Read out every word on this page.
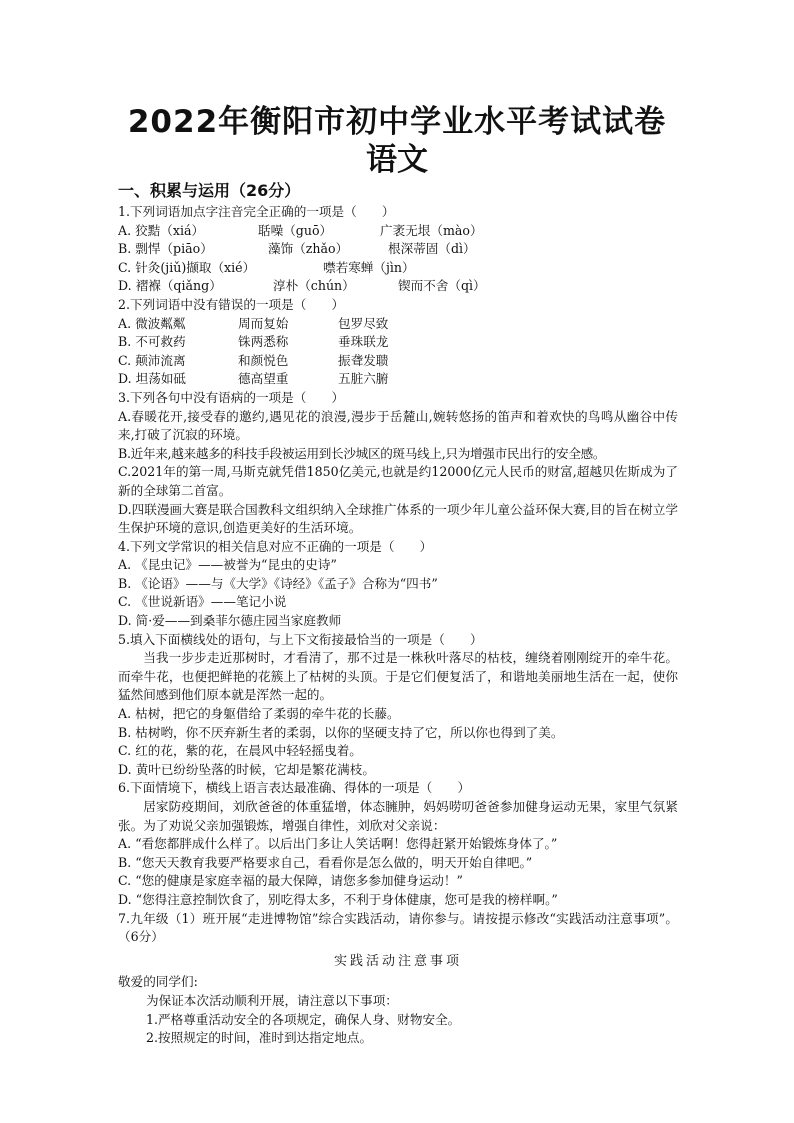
2022年衡阳市初中学业水平考试试卷
语文
一、积累与运用（26分）
1.下列词语加点字注音完全正确的一项是（　　）
A. 狡黠（xiá）	聒噪（guō）	广袤无垠（mào）
B. 剽悍（piāo）	藻饰（zhǎo）	根深蒂固（dì）
C. 针灸(jiǔ)撷取（xié）	噤若寒蝉（jìn）
D. 褶褓（qiǎng）	淳朴（chún）	锲而不舍（qì）
2.下列词语中没有错误的一项是（　　）
A. 微波粼粼	周而复始	包罗尽致
B. 不可救药	铢两悉称	垂珠联龙
C. 颠沛流离	和颜悦色	振聋发聩
D. 坦荡如砥	德高望重	五脏六腑
3.下列各句中没有语病的一项是（　　）
A.春暖花开,接受春的邀约,遇见花的浪漫,漫步于岳麓山,婉转悠扬的笛声和着欢快的鸟鸣从幽谷中传来,打破了沉寂的环境。
B.近年来,越来越多的科技手段被运用到长沙城区的斑马线上,只为增强市民出行的安全感。
C.2021年的第一周,马斯克就凭借1850亿美元,也就是约12000亿元人民币的财富,超越贝佐斯成为了新的全球第二首富。
D.四联漫画大赛是联合国教科文组织纳入全球推广体系的一项少年儿童公益环保大赛,目的旨在树立学生保护环境的意识,创造更美好的生活环境。
4.下列文学常识的相关信息对应不正确的一项是（　　）
A. 《昆虫记》——被誉为“昆虫的史诗”
B. 《论语》——与《大学》《诗经》《孟子》合称为“四书”
C. 《世说新语》——笔记小说
D. 简·爱——到桑菲尔德庄园当家庭教师
5.填入下面横线处的语句，与上下文衔接最恰当的一项是（　　）
当我一步步走近那树时，才看清了，那不过是一株秋叶落尽的枯枝，缠绕着刚刚绽开的牵牛花。 而牵牛花，也便把鲜艳的花簇上了枯树的头顶。于是它们便复活了，和谐地美丽地生活在一起，使你猛然间感到他们原本就是浑然一起的。
A. 枯树，把它的身躯借给了柔弱的牵牛花的长藤。
B. 枯树哟，你不厌弃新生者的柔弱，以你的坚硬支持了它，所以你也得到了美。
C. 红的花，紫的花，在晨风中轻轻摇曳着。
D. 黄叶已纷纷坠落的时候，它却是繁花满枝。
6.下面情境下，横线上语言表达最准确、得体的一项是（　　）
居家防疫期间，刘欣爸爸的体重猛增，体态臃肿，妈妈唠叨爸爸参加健身运动无果，家里气氛紧张。为了劝说父亲加强锻炼，增强自律性，刘欣对父亲说：
A. “看您都胖成什么样了。以后出门多让人笑话啊！您得赶紧开始锻炼身体了。”
B. “您天天教育我要严格要求自己，看看你是怎么做的，明天开始自律吧。”
C. “您的健康是家庭幸福的最大保障，请您多参加健身运动！”
D. “您得注意控制饮食了，别吃得太多，不利于身体健康，您可是我的榜样啊。”
7.九年级（1）班开展“走进博物馆”综合实践活动，请你参与。请按提示修改“实践活动注意事项”。（6分）
实践活动注意事项
敬爱的同学们:
为保证本次活动顺利开展，请注意以下事项：
1.严格尊重活动安全的各项规定，确保人身、财物安全。
2.按照规定的时间，准时到达指定地点。
